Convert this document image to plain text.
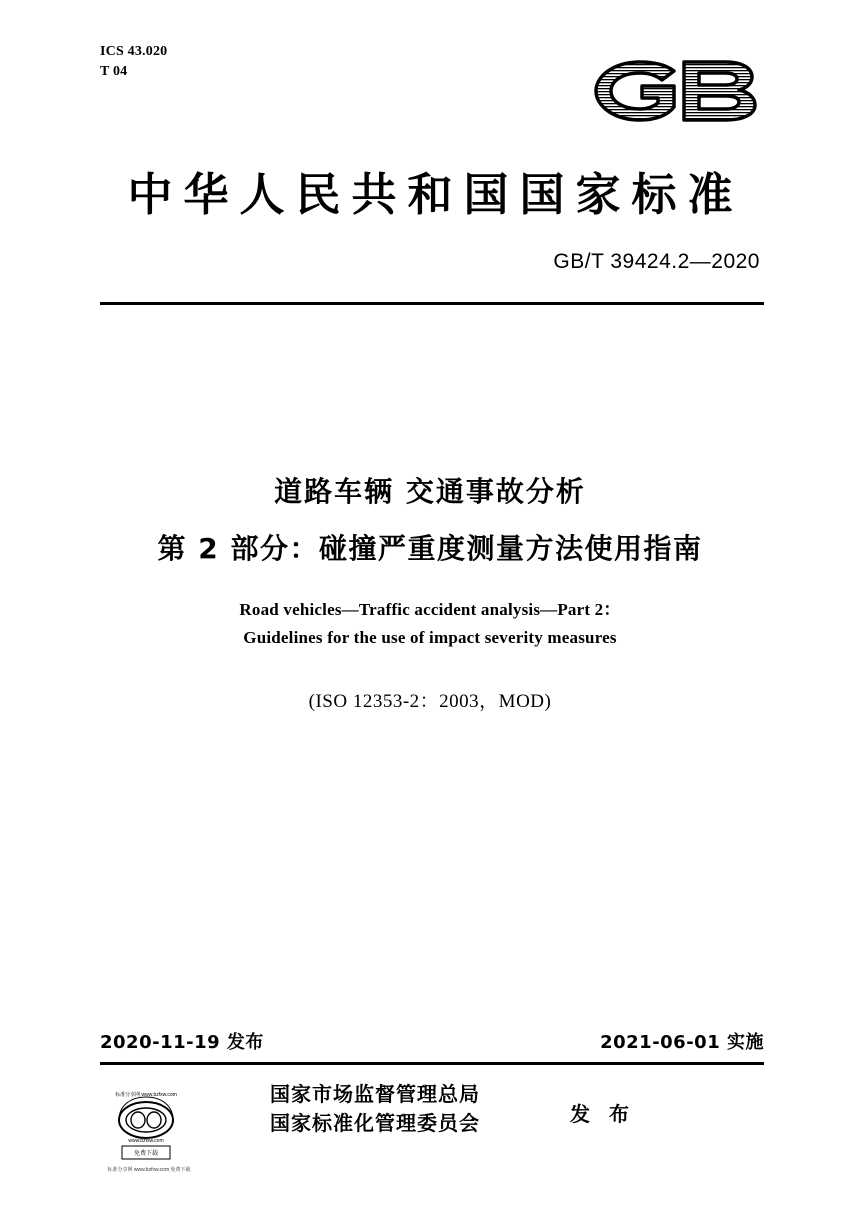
ICS 43.020
T 04
中华人民共和国国家标准
GB/T 39424.2—2020
道路车辆 交通事故分析
第 2 部分：碰撞严重度测量方法使用指南
Road vehicles—Traffic accident analysis—Part 2：
Guidelines for the use of impact severity measures
(ISO 12353-2：2003，MOD)
2020-11-19 发布	2021-06-01 实施
标准分享网 www.bzfxw.com
www.bzfxw.com
免费下载
标准分享网 www.bzfxw.com 免费下载
国家市场监督管理总局
国家标准化管理委员会	发 布
